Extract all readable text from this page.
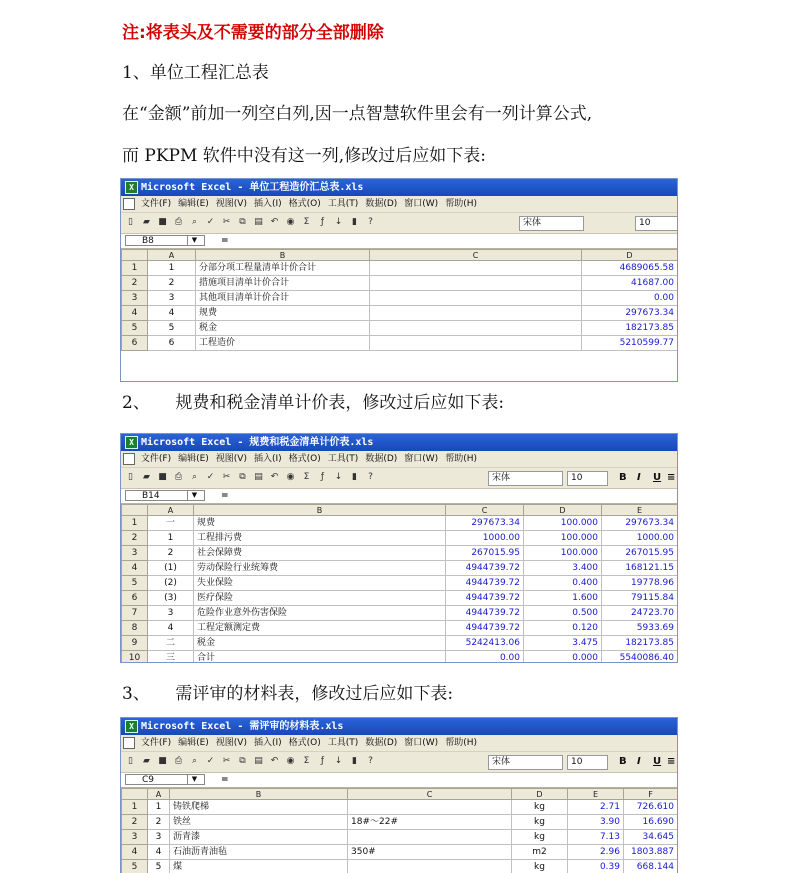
注:将表头及不需要的部分全部删除
1、单位工程汇总表
在“金额”前加一列空白列,因一点智慧软件里会有一列计算公式,
而 PKPM 软件中没有这一列,修改过后应如下表:
2、　　规费和税金清单计价表，修改过后应如下表:
3、　　需评审的材料表，修改过后应如下表:
X Microsoft Excel - 单位工程造价汇总表.xls
文件(F) 编辑(E) 视图(V) 插入(I) 格式(O) 工具(T) 数据(D) 窗口(W) 帮助(H)
▯ ▰ ■ ⎙ ⌕ ✓ ✂ ⧉ ▤ ↶ ◉ Σ ƒ ↓ ▮ ?	宋体	10
B8	▼	=
	A	B	C	D
1	1	分部分项工程量清单计价合计		4689065.58
2	2	措施项目清单计价合计		41687.00
3	3	其他项目清单计价合计		0.00
4	4	规费		297673.34
5	5	税金		182173.85
6	6	工程造价		5210599.77
X Microsoft Excel - 规费和税金清单计价表.xls
文件(F) 编辑(E) 视图(V) 插入(I) 格式(O) 工具(T) 数据(D) 窗口(W) 帮助(H)
▯ ▰ ■ ⎙ ⌕ ✓ ✂ ⧉ ▤ ↶ ◉ Σ ƒ ↓ ▮ ?	宋体	10	B I U ≡
B14	▼	=
	A	B	C	D	E
1	一	规费	297673.34	100.000	297673.34
2	1	工程排污费	1000.00	100.000	1000.00
3	2	社会保障费	267015.95	100.000	267015.95
4	(1)	劳动保险行业统筹费	4944739.72	3.400	168121.15
5	(2)	失业保险	4944739.72	0.400	19778.96
6	(3)	医疗保险	4944739.72	1.600	79115.84
7	3	危险作业意外伤害保险	4944739.72	0.500	24723.70
8	4	工程定额测定费	4944739.72	0.120	5933.69
9	二	税金	5242413.06	3.475	182173.85
10	三	合计	0.00	0.000	5540086.40
X Microsoft Excel - 需评审的材料表.xls
文件(F) 编辑(E) 视图(V) 插入(I) 格式(O) 工具(T) 数据(D) 窗口(W) 帮助(H)
▯ ▰ ■ ⎙ ⌕ ✓ ✂ ⧉ ▤ ↶ ◉ Σ ƒ ↓ ▮ ?	宋体	10	B I U ≡
C9	▼	=
	A	B	C	D	E	F
1	1	铸铁爬梯		kg	2.71	726.610
2	2	铁丝	18#～22#	kg	3.90	16.690
3	3	沥青漆		kg	7.13	34.645
4	4	石油沥青油毡	350#	m2	2.96	1803.887
5	5	煤		kg	0.39	668.144
